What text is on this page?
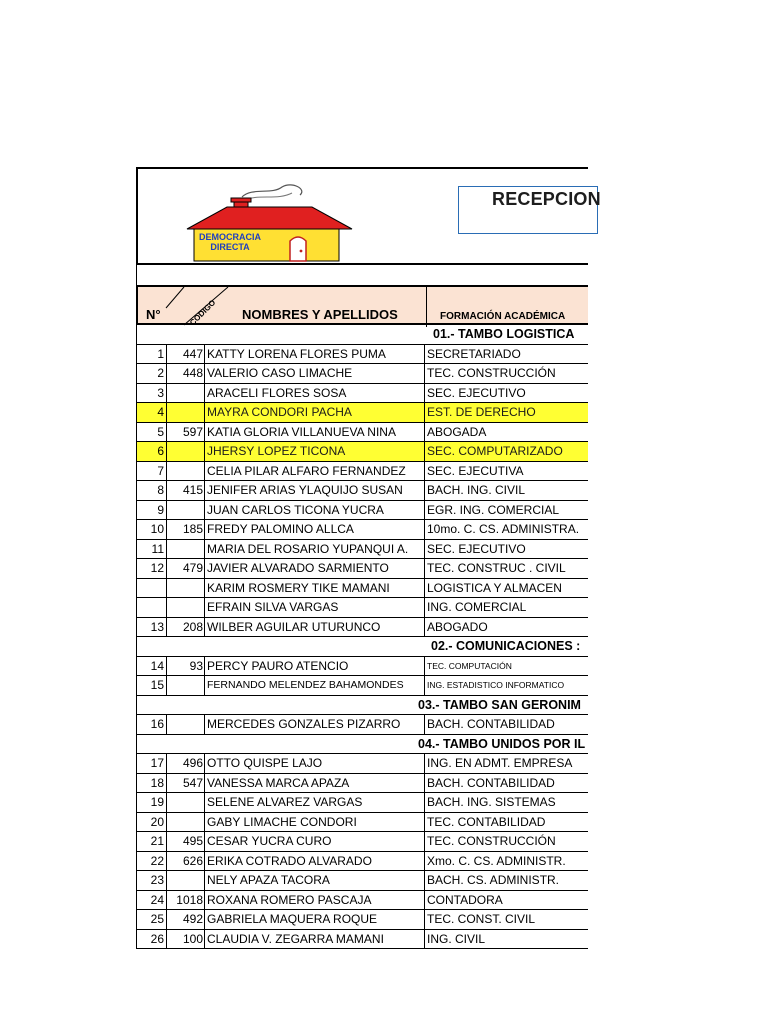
DEMOCRACIA
DIRECTA
RECEPCION
N°	CODIGO NOMBRES Y APELLIDOS	FORMACIÓN ACADÉMICA
01.- TAMBO LOGISTICA
1	447 KATTY LORENA FLORES PUMA	SECRETARIADO
2	448 VALERIO CASO LIMACHE	TEC. CONSTRUCCIÓN
3	ARACELI FLORES SOSA	SEC. EJECUTIVO
4	MAYRA CONDORI PACHA	EST. DE DERECHO
5	597 KATIA GLORIA VILLANUEVA NINA	ABOGADA
6	JHERSY LOPEZ TICONA	SEC. COMPUTARIZADO
7	CELIA PILAR ALFARO FERNANDEZ	SEC. EJECUTIVA
8	415 JENIFER ARIAS YLAQUIJO SUSAN	BACH. ING. CIVIL
9	JUAN CARLOS TICONA YUCRA	EGR. ING. COMERCIAL
10	185 FREDY PALOMINO ALLCA	10mo. C. CS. ADMINISTRA.
11	MARIA DEL ROSARIO YUPANQUI A.	SEC. EJECUTIVO
12	479 JAVIER ALVARADO SARMIENTO	TEC. CONSTRUC . CIVIL
KARIM ROSMERY TIKE MAMANI	LOGISTICA Y ALMACEN
EFRAIN SILVA VARGAS	ING. COMERCIAL
13	208 WILBER AGUILAR UTURUNCO	ABOGADO
02.- COMUNICACIONES :
14	93 PERCY PAURO ATENCIO	TEC. COMPUTACIÓN
15	FERNANDO MELENDEZ BAHAMONDES	ING. ESTADISTICO INFORMATICO
03.- TAMBO SAN GERONIM
16	MERCEDES GONZALES PIZARRO	BACH. CONTABILIDAD
04.- TAMBO UNIDOS POR IL
17	496 OTTO QUISPE LAJO	ING. EN ADMT. EMPRESA
18	547 VANESSA MARCA APAZA	BACH. CONTABILIDAD
19	SELENE ALVAREZ VARGAS	BACH. ING. SISTEMAS
20	GABY LIMACHE CONDORI	TEC. CONTABILIDAD
21	495 CESAR YUCRA CURO	TEC. CONSTRUCCIÓN
22	626 ERIKA COTRADO ALVARADO	Xmo. C. CS. ADMINISTR.
23	NELY APAZA TACORA	BACH. CS. ADMINISTR.
24	1018 ROXANA ROMERO PASCAJA	CONTADORA
25	492 GABRIELA MAQUERA ROQUE	TEC. CONST. CIVIL
26	100 CLAUDIA V. ZEGARRA MAMANI	ING. CIVIL
